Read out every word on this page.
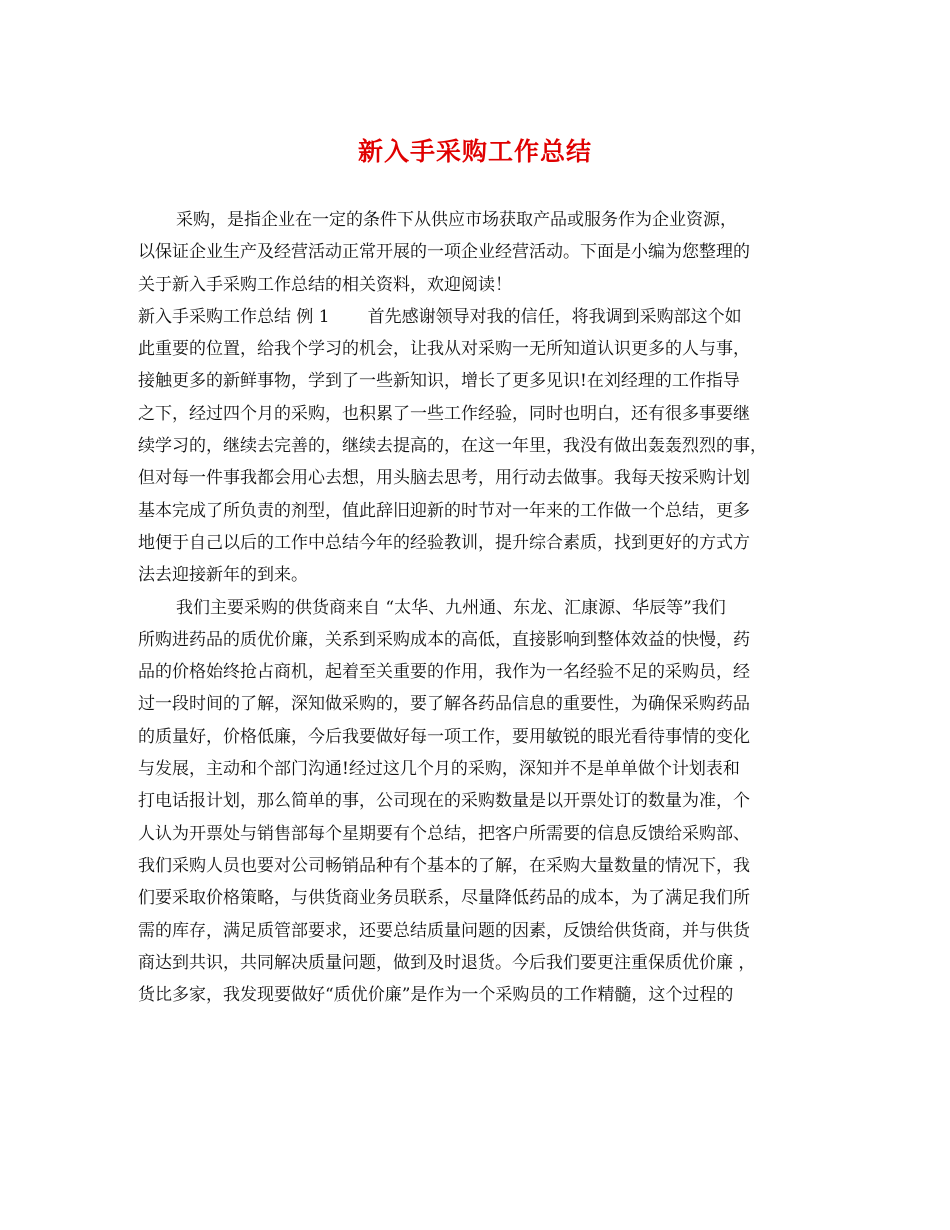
新入手采购工作总结
采购，是指企业在一定的条件下从供应市场获取产品或服务作为企业资源，
以保证企业生产及经营活动正常开展的一项企业经营活动。下面是小编为您整理的
关于新入手采购工作总结的相关资料，欢迎阅读！
新入手采购工作总结 例 1 首先感谢领导对我的信任，将我调到采购部这个如
此重要的位置，给我个学习的机会，让我从对采购一无所知道认识更多的人与事，
接触更多的新鲜事物，学到了一些新知识，增长了更多见识!在刘经理的工作指导
之下，经过四个月的采购，也积累了一些工作经验，同时也明白，还有很多事要继
续学习的，继续去完善的，继续去提高的，在这一年里，我没有做出轰轰烈烈的事，
但对每一件事我都会用心去想，用头脑去思考，用行动去做事。我每天按采购计划
基本完成了所负责的剂型，值此辞旧迎新的时节对一年来的工作做一个总结，更多
地便于自己以后的工作中总结今年的经验教训，提升综合素质，找到更好的方式方
法去迎接新年的到来。
我们主要采购的供货商来自 “太华、九州通、东龙、汇康源、华辰等”我们
所购进药品的质优价廉，关系到采购成本的高低，直接影响到整体效益的快慢，药
品的价格始终抢占商机，起着至关重要的作用，我作为一名经验不足的采购员，经
过一段时间的了解，深知做采购的，要了解各药品信息的重要性，为确保采购药品
的质量好，价格低廉，今后我要做好每一项工作，要用敏锐的眼光看待事情的变化
与发展，主动和个部门沟通!经过这几个月的采购，深知并不是单单做个计划表和
打电话报计划，那么简单的事，公司现在的采购数量是以开票处订的数量为准，个
人认为开票处与销售部每个星期要有个总结，把客户所需要的信息反馈给采购部、
我们采购人员也要对公司畅销品种有个基本的了解，在采购大量数量的情况下，我
们要采取价格策略，与供货商业务员联系，尽量降低药品的成本，为了满足我们所
需的库存，满足质管部要求，还要总结质量问题的因素，反馈给供货商，并与供货
商达到共识，共同解决质量问题，做到及时退货。今后我们要更注重保质优价廉 ，
货比多家，我发现要做好“质优价廉”是作为一个采购员的工作精髓，这个过程的
